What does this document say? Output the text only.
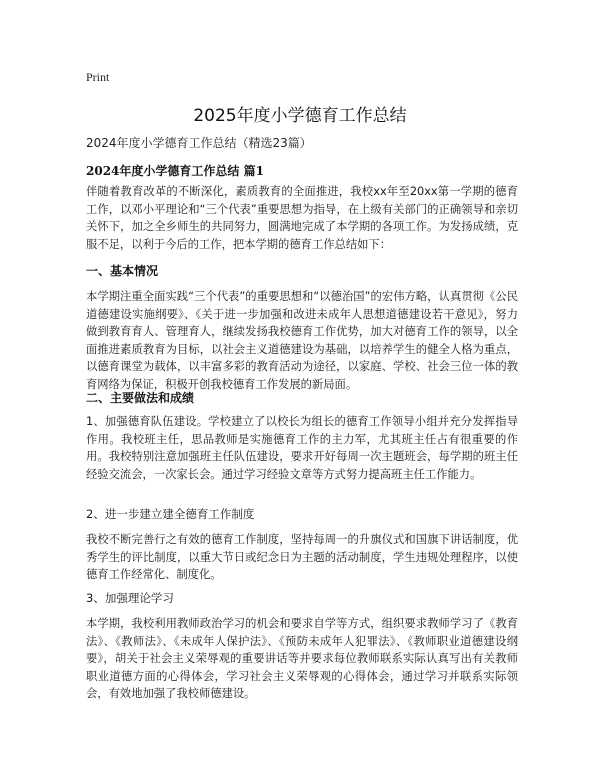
Print
2025年度小学德育工作总结

2024年度小学德育工作总结（精选23篇）

2024年度小学德育工作总结 篇1

伴随着教育改革的不断深化，素质教育的全面推进，我校xx年至20xx第一学期的德育工作，以邓小平理论和“三个代表”重要思想为指导，在上级有关部门的正确领导和亲切关怀下，加之全乡师生的共同努力，圆满地完成了本学期的各项工作。为发扬成绩，克服不足，以利于今后的工作，把本学期的德育工作总结如下：

一、基本情况

本学期注重全面实践“三个代表”的重要思想和“以德治国”的宏伟方略，认真贯彻《公民道德建设实施纲要》、《关于进一步加强和改进未成年人思想道德建设若干意见》，努力做到教育育人、管理育人，继续发扬我校德育工作优势，加大对德育工作的领导，以全面推进素质教育为目标，以社会主义道德建设为基础，以培养学生的健全人格为重点，以德育课堂为载体，以丰富多彩的教育活动为途径，以家庭、学校、社会三位一体的教育网络为保证，积极开创我校德育工作发展的新局面。

二、主要做法和成绩

1、加强德育队伍建设。学校建立了以校长为组长的德育工作领导小组并充分发挥指导作用。我校班主任，思品教师是实施德育工作的主力军，尤其班主任占有很重要的作用。我校特别注意加强班主任队伍建设，要求开好每周一次主题班会，每学期的班主任经验交流会，一次家长会。通过学习经验文章等方式努力提高班主任工作能力。

2、进一步建立建全德育工作制度

我校不断完善行之有效的德育工作制度，坚持每周一的升旗仪式和国旗下讲话制度，优秀学生的评比制度，以重大节日或纪念日为主题的活动制度，学生违规处理程序，以使德育工作经常化、制度化。

3、加强理论学习

本学期，我校利用教师政治学习的机会和要求自学等方式，组织要求教师学习了《教育法》、《教师法》、《未成年人保护法》、《预防未成年人犯罪法》、《教师职业道德建设纲要》，胡关于社会主义荣辱观的重要讲话等并要求每位教师联系实际认真写出有关教师职业道德方面的心得体会，学习社会主义荣辱观的心得体会，通过学习并联系实际领会，有效地加强了我校师德建设。
